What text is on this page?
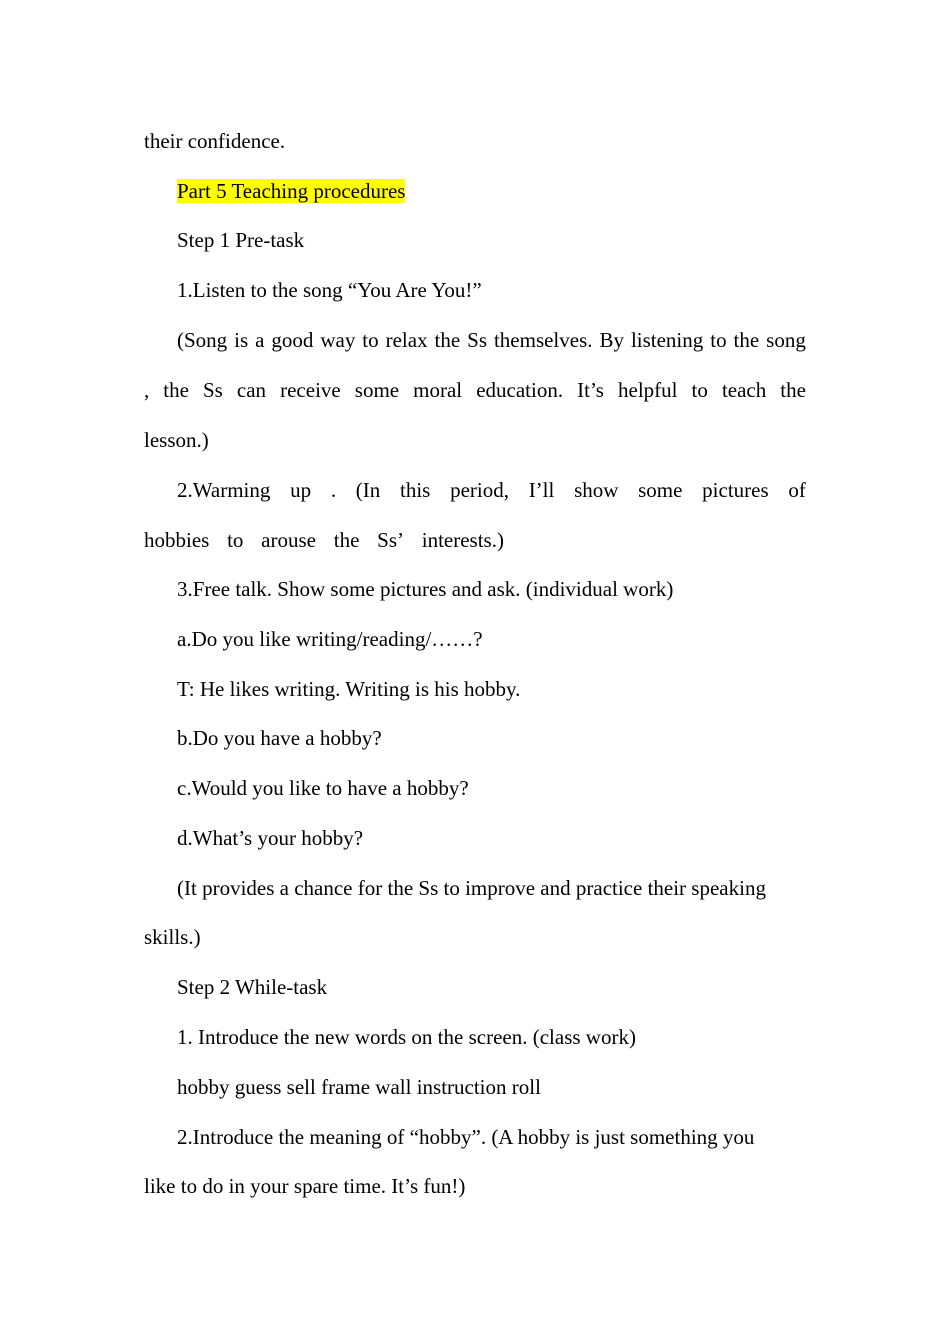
their confidence.
Part 5 Teaching procedures
Step 1 Pre-task
1.Listen to the song “You Are You!”
(Song is a good way to relax the Ss themselves. By listening to the song
, the Ss can receive some moral education. It’s helpful to teach the
lesson.)
2.Warming up . (In this period, I’ll show some pictures of
hobbies to arouse the Ss’ interests.)
3.Free talk. Show some pictures and ask. (individual work)
a.Do you like writing/reading/……?
T: He likes writing. Writing is his hobby.
b.Do you have a hobby?
c.Would you like to have a hobby?
d.What’s your hobby?
(It provides a chance for the Ss to improve and practice their speaking
skills.)
Step 2 While-task
1. Introduce the new words on the screen. (class work)
hobby guess sell frame wall instruction roll
2.Introduce the meaning of “hobby”. (A hobby is just something you
like to do in your spare time. It’s fun!)
